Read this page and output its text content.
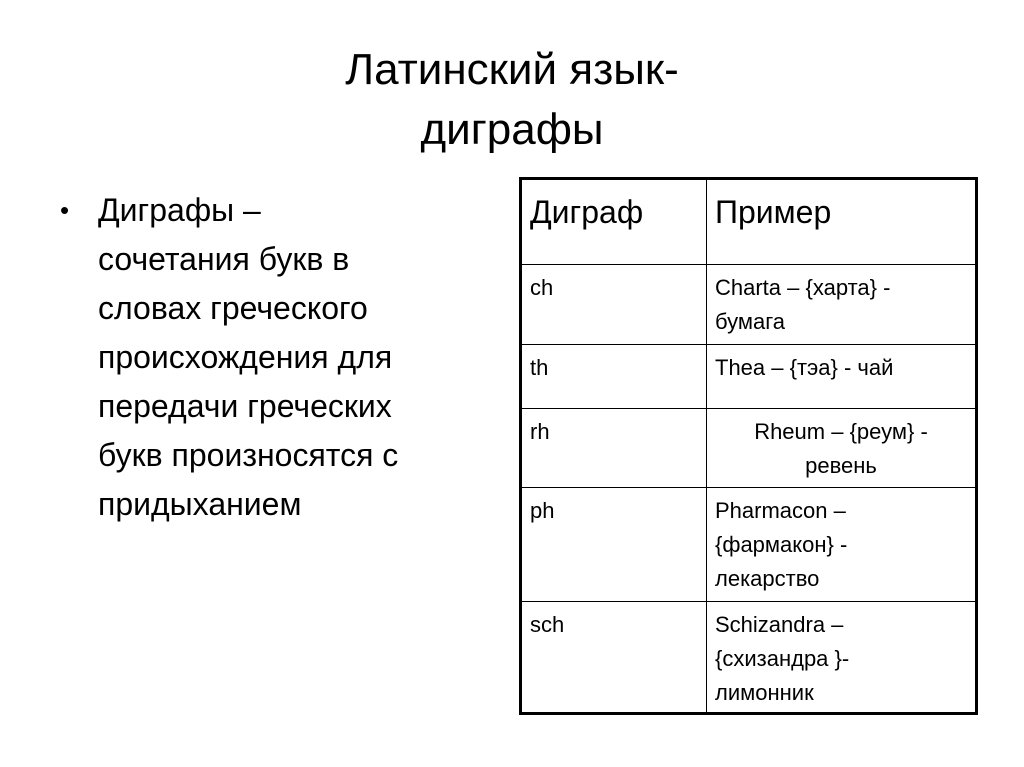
Латинский язык-
диграфы
• Диграфы –
сочетания букв в
словах греческого
происхождения для
передачи греческих
букв произносятся с
придыханием
Диграф	Пример
ch	Charta – {харта} -
бумага
th	Thea – {тэа} - чай
rh	Rheum – {реум} -
ревень
ph	Pharmacon –
{фармакон} -
лекарство
sch	Schizandra –
{схизандра }-
лимонник
